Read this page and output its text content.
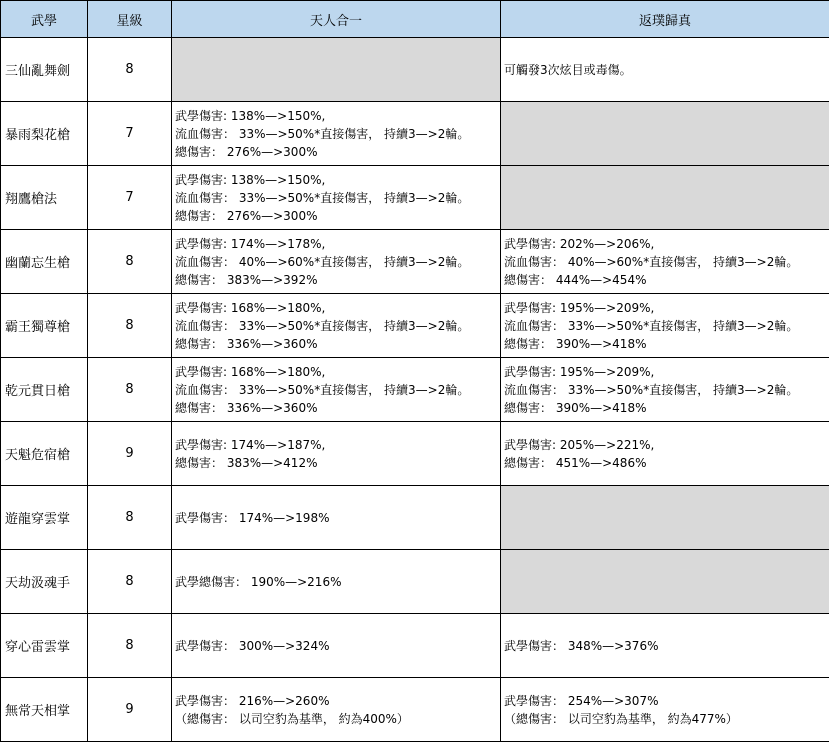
武學	星級	天人合一	返璞歸真
三仙亂舞劍	8		可觸發3次炫目或毒傷。

暴雨梨花槍	7	武學傷害: 138%—>150%,
流血傷害： 33%—>50%*直接傷害， 持續3—>2輪。
總傷害： 276%—>300%	

翔鷹槍法	7	武學傷害: 138%—>150%,
流血傷害： 33%—>50%*直接傷害， 持續3—>2輪。
總傷害： 276%—>300%	

幽蘭忘生槍	8	武學傷害: 174%—>178%,
流血傷害： 40%—>60%*直接傷害， 持續3—>2輪。
總傷害： 383%—>392%	武學傷害: 202%—>206%,
流血傷害： 40%—>60%*直接傷害， 持續3—>2輪。
總傷害： 444%—>454%

霸王獨尊槍	8	武學傷害: 168%—>180%,
流血傷害： 33%—>50%*直接傷害， 持續3—>2輪。
總傷害： 336%—>360%	武學傷害: 195%—>209%,
流血傷害： 33%—>50%*直接傷害， 持續3—>2輪。
總傷害： 390%—>418%

乾元貫日槍	8	武學傷害: 168%—>180%,
流血傷害： 33%—>50%*直接傷害， 持續3—>2輪。
總傷害： 336%—>360%	武學傷害: 195%—>209%,
流血傷害： 33%—>50%*直接傷害， 持續3—>2輪。
總傷害： 390%—>418%

天魁危宿槍	9	武學傷害: 174%—>187%,
總傷害： 383%—>412%	武學傷害: 205%—>221%,
總傷害： 451%—>486%

遊龍穿雲掌	8	武學傷害： 174%—>198%	

天劫汲魂手	8	武學總傷害： 190%—>216%	

穿心雷雲掌	8	武學傷害： 300%—>324%	武學傷害： 348%—>376%

無常天相掌	9	武學傷害： 216%—>260%
（總傷害： 以司空豹為基準， 約為400%）	武學傷害： 254%—>307%
（總傷害： 以司空豹為基準， 約為477%）
